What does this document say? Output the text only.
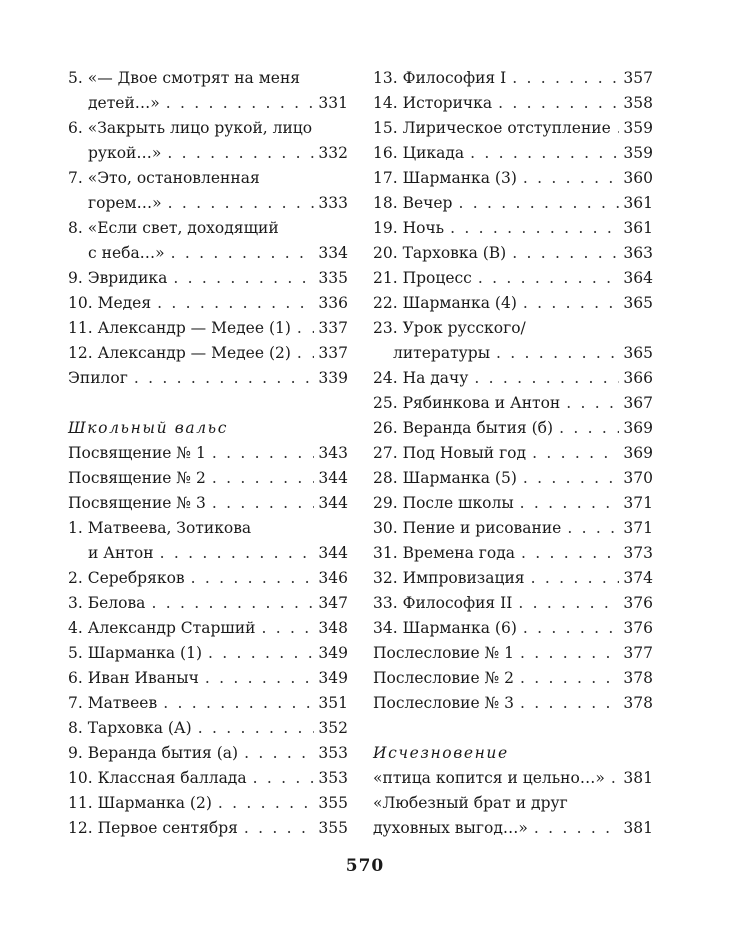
5. «— Двое смотрят на меня
детей…» . . .	331
6. «Закрыть лицо рукой, лицо
рукой…» . . .	332
7. «Это, остановленная
горем…» . . .	333
8. «Если свет, доходящий
с неба…» . . .	334
9. Эвридика . . .	335
10. Медея . . .	336
11. Александр — Медее (1) . . . 337
12. Александр — Медее (2) . . . 337
Эпилог . . .	339
Школьный вальс
Посвящение № 1 . . .	343
Посвящение № 2 . . .	344
Посвящение № 3 . . .	344
1. Матвеева, Зотикова
и Антон . . .	344
2. Серебряков . . .	346
3. Белова . . .	347
4. Александр Старший . . .	348
5. Шарманка (1) . . .	349
6. Иван Иваныч . . .	349
7. Матвеев . . .	351
8. Тарховка (А) . . .	352
9. Веранда бытия (а) . . .	353
10. Классная баллада . . .	353
11. Шарманка (2) . . .	355
12. Первое сентября . . .	355
13. Философия I . . .	357
14. Историчка . . .	358
15. Лирическое отступление . . . 359
16. Цикада . . .	359
17. Шарманка (3) . . .	360
18. Вечер . . .	361
19. Ночь . . .	361
20. Тарховка (В) . . .	363
21. Процесс . . .	364
22. Шарманка (4) . . .	365
23. Урок русского/
литературы . . .	365
24. На дачу . . .	366
25. Рябинкова и Антон . . .	367
26. Веранда бытия (б) . . .	369
27. Под Новый год . . .	369
28. Шарманка (5) . . .	370
29. После школы . . .	371
30. Пение и рисование . . .	371
31. Времена года . . .	373
32. Импровизация . . .	374
33. Философия II . . .	376
34. Шарманка (6) . . .	376
Послесловие № 1 . . .	377
Послесловие № 2 . . .	378
Послесловие № 3 . . .	378
Исчезновение
«птица копится и цельно…» . . . 381
«Любезный брат и друг
духовных выгод…» . . .	381
570
